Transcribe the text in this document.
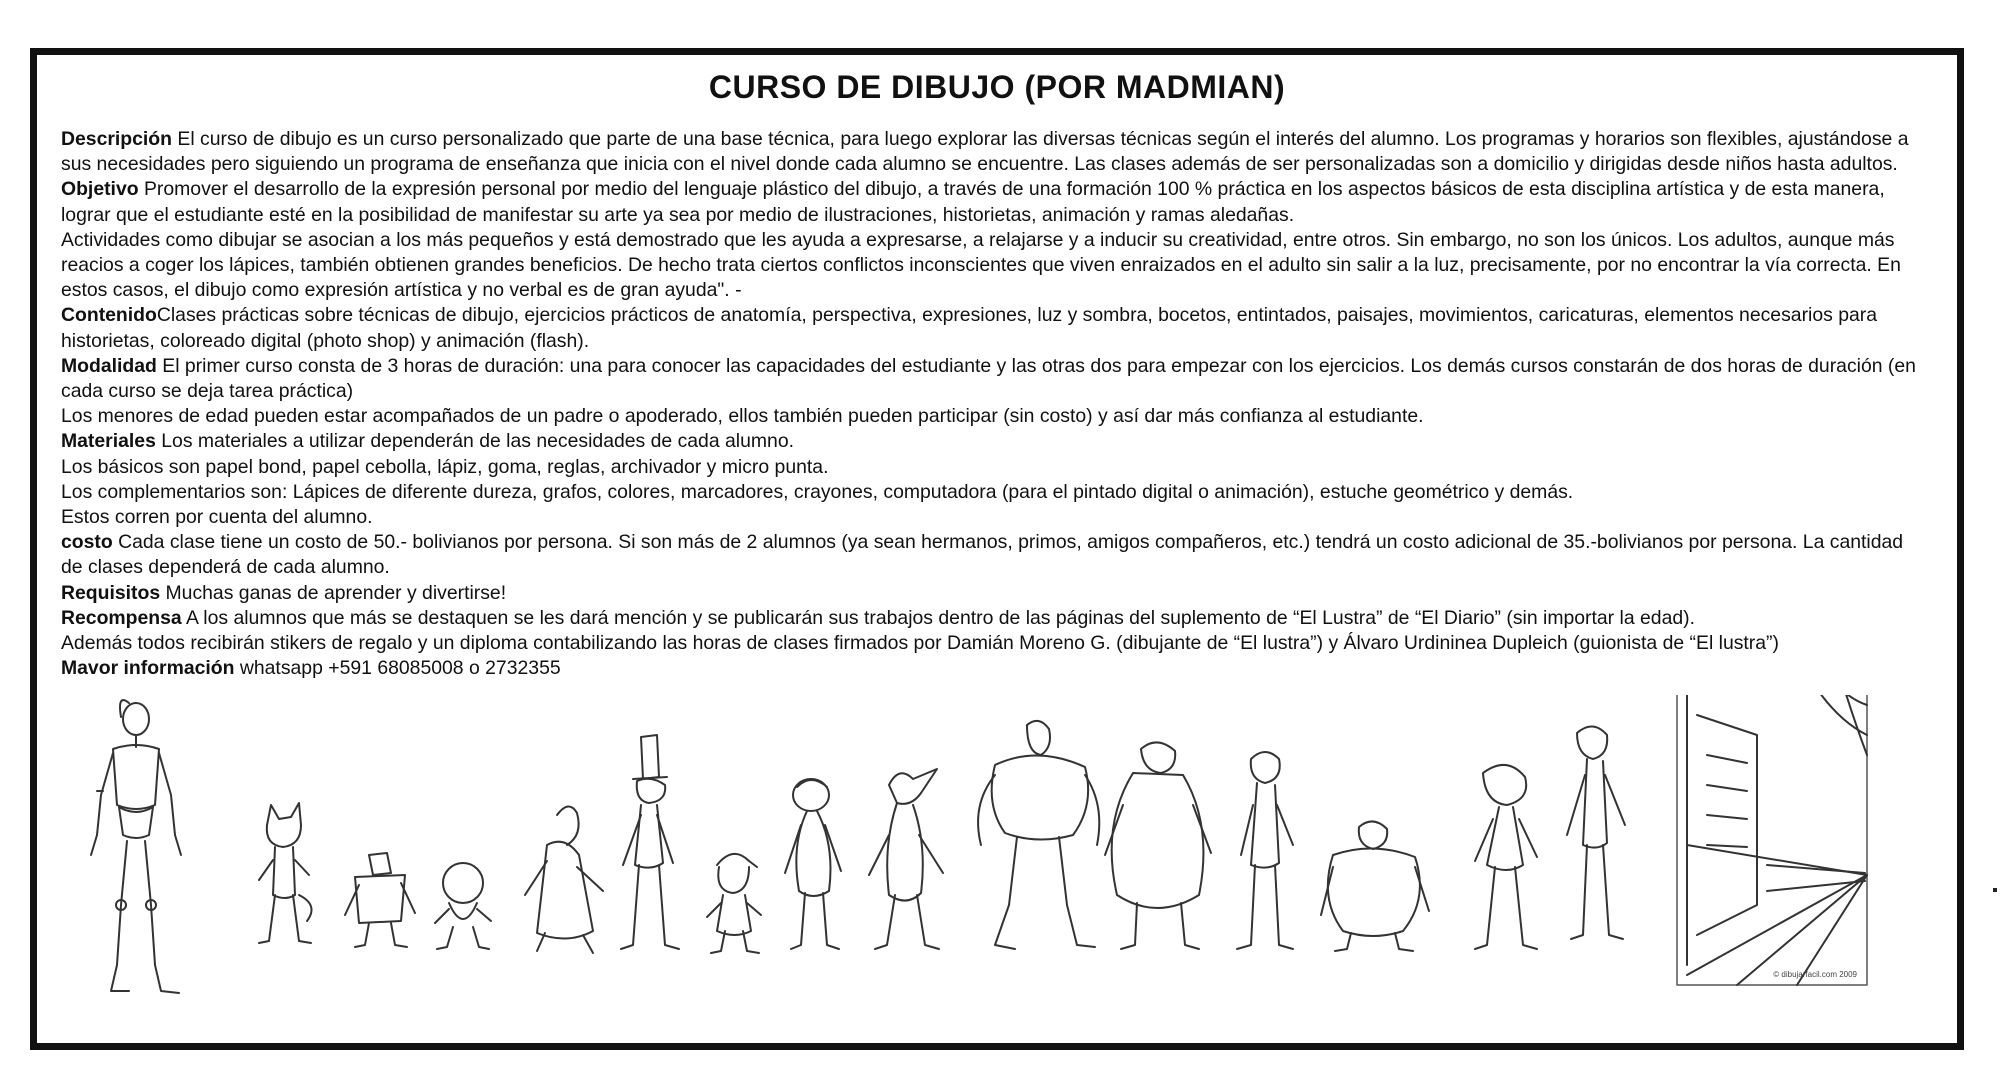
CURSO DE DIBUJO (POR MADMIAN)

Descripción El curso de dibujo es un curso personalizado que parte de una base técnica, para luego explorar las diversas técnicas según el interés del alumno. Los programas y horarios son flexibles, ajustándose a sus necesidades pero siguiendo un programa de enseñanza que inicia con el nivel donde cada alumno se encuentre. Las clases además de ser personalizadas son a domicilio y dirigidas desde niños hasta adultos.

Objetivo Promover el desarrollo de la expresión personal por medio del lenguaje plástico del dibujo, a través de una formación 100 % práctica en los aspectos básicos de esta disciplina artística y de esta manera, lograr que el estudiante esté en la posibilidad de manifestar su arte ya sea por medio de ilustraciones, historietas, animación y ramas aledañas.

Actividades como dibujar se asocian a los más pequeños y está demostrado que les ayuda a expresarse, a relajarse y a inducir su creatividad, entre otros. Sin embargo, no son los únicos. Los adultos, aunque más reacios a coger los lápices, también obtienen grandes beneficios. De hecho trata ciertos conflictos inconscientes que viven enraizados en el adulto sin salir a la luz, precisamente, por no encontrar la vía correcta. En estos casos, el dibujo como expresión artística y no verbal es de gran ayuda". -

ContenidoClases prácticas sobre técnicas de dibujo, ejercicios prácticos de anatomía, perspectiva, expresiones, luz y sombra, bocetos, entintados, paisajes, movimientos, caricaturas, elementos necesarios para historietas, coloreado digital (photo shop) y animación (flash).

Modalidad El primer curso consta de 3 horas de duración: una para conocer las capacidades del estudiante y las otras dos para empezar con los ejercicios. Los demás cursos constarán de dos horas de duración (en cada curso se deja tarea práctica)

Los menores de edad pueden estar acompañados de un padre o apoderado, ellos también pueden participar (sin costo) y así dar más confianza al estudiante.

Materiales Los materiales a utilizar dependerán de las necesidades de cada alumno.

Los básicos son papel bond, papel cebolla, lápiz, goma, reglas, archivador y micro punta.

Los complementarios son: Lápices de diferente dureza, grafos, colores, marcadores, crayones, computadora (para el pintado digital o animación), estuche geométrico y demás.

Estos corren por cuenta del alumno.

costo Cada clase tiene un costo de 50.- bolivianos por persona. Si son más de 2 alumnos (ya sean hermanos, primos, amigos compañeros, etc.) tendrá un costo adicional de 35.-bolivianos por persona. La cantidad de clases dependerá de cada alumno.

Requisitos Muchas ganas de aprender y divertirse!

Recompensa A los alumnos que más se destaquen se les dará mención y se publicarán sus trabajos dentro de las páginas del suplemento de “El Lustra” de “El Diario” (sin importar la edad).

Además todos recibirán stikers de regalo y un diploma contabilizando las horas de clases firmados por Damián Moreno G. (dibujante de “El lustra”) y Álvaro Urdininea Dupleich (guionista de “El lustra”)

Mavor información whatsapp +591 68085008 o 2732355

© dibujarfacil.com 2009
